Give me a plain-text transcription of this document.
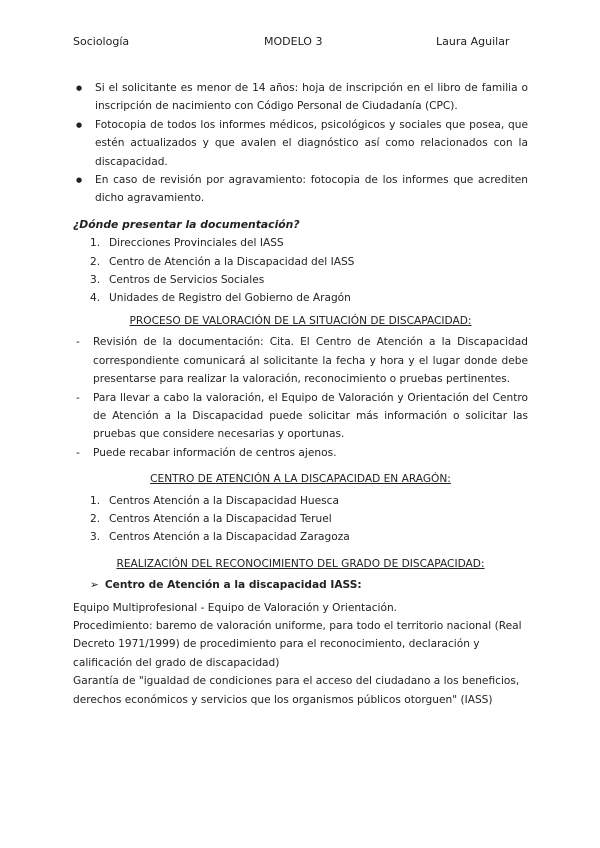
Sociología	MODELO 3	Laura Aguilar
● Si el solicitante es menor de 14 años: hoja de inscripción en el libro de familia o inscripción de nacimiento con Código Personal de Ciudadanía (CPC).
● Fotocopia de todos los informes médicos, psicológicos y sociales que posea, que estén actualizados y que avalen el diagnóstico así como relacionados con la discapacidad.
● En caso de revisión por agravamiento: fotocopia de los informes que acrediten dicho agravamiento.

¿Dónde presentar la documentación?

1. Direcciones Provinciales del IASS
2. Centro de Atención a la Discapacidad del IASS
3. Centros de Servicios Sociales
4. Unidades de Registro del Gobierno de Aragón

PROCESO DE VALORACIÓN DE LA SITUACIÓN DE DISCAPACIDAD:

- Revisión de la documentación: Cita. El Centro de Atención a la Discapacidad correspondiente comunicará al solicitante la fecha y hora y el lugar donde debe presentarse para realizar la valoración, reconocimiento o pruebas pertinentes.
- Para llevar a cabo la valoración, el Equipo de Valoración y Orientación del Centro de Atención a la Discapacidad puede solicitar más información o solicitar las pruebas que considere necesarias y oportunas.
- Puede recabar información de centros ajenos.

CENTRO DE ATENCIÓN A LA DISCAPACIDAD EN ARAGÓN:

1. Centros Atención a la Discapacidad Huesca
2. Centros Atención a la Discapacidad Teruel
3. Centros Atención a la Discapacidad Zaragoza

REALIZACIÓN DEL RECONOCIMIENTO DEL GRADO DE DISCAPACIDAD:

➢ Centro de Atención a la discapacidad IASS:

Equipo Multiprofesional - Equipo de Valoración y Orientación.

Procedimiento: baremo de valoración uniforme, para todo el territorio nacional (Real Decreto 1971/1999) de procedimiento para el reconocimiento, declaración y calificación del grado de discapacidad)

Garantía de "igualdad de condiciones para el acceso del ciudadano a los beneficios, derechos económicos y servicios que los organismos públicos otorguen" (IASS)
